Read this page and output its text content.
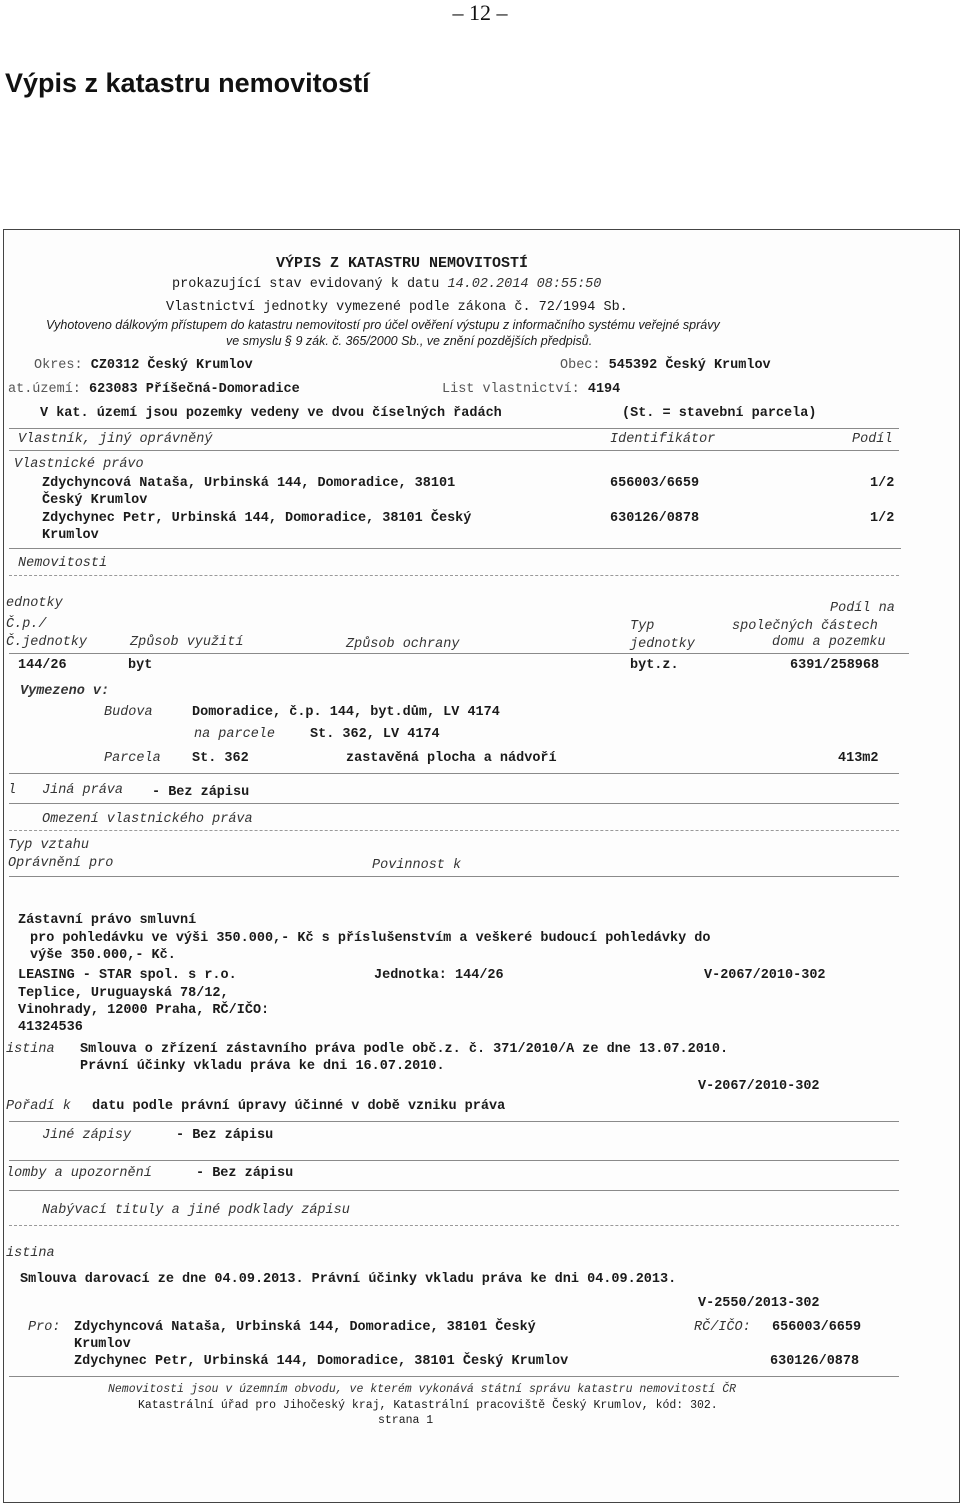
– 12 –
Výpis z katastru nemovitostí
VÝPIS Z KATASTRU NEMOVITOSTÍ
prokazující stav evidovaný k datu 14.02.2014 08:55:50
Vlastnictví jednotky vymezené podle zákona č. 72/1994 Sb.
Vyhotoveno dálkovým přístupem do katastru nemovitostí pro účel ověření výstupu z informačního systému veřejné správy
ve smyslu § 9 zák. č. 365/2000 Sb., ve znění pozdějších předpisů.
Okres: CZ0312 Český Krumlov	Obec: 545392 Český Krumlov
at.území: 623083 Příšečná-Domoradice	List vlastnictví: 4194
V kat. území jsou pozemky vedeny ve dvou číselných řadách	(St. = stavební parcela)
Vlastník, jiný oprávněný	Identifikátor	Podíl
Vlastnické právo
Zdychyncová Nataša, Urbinská 144, Domoradice, 38101
Český Krumlov
656003/6659	1/2
Zdychynec Petr, Urbinská 144, Domoradice, 38101 Český
Krumlov
630126/0878	1/2
Nemovitosti
ednotky
Č.p./
Č.jednotky	Způsob využití	Způsob ochrany
Typ
jednotky
Podíl na
společných částech
domu a pozemku
144/26	byt	byt.z.	6391/258968
Vymezeno v:
Budova	Domoradice, č.p. 144, byt.dům, LV 4174
na parcele	St. 362, LV 4174
Parcela St. 362	zastavěná plocha a nádvoří	413m2
l Jiná práva - Bez zápisu
Omezení vlastnického práva
Typ vztahu
Oprávnění pro	Povinnost k
Zástavní právo smluvní
pro pohledávku ve výši 350.000,- Kč s příslušenstvím a veškeré budoucí pohledávky do
výše 350.000,- Kč.
LEASING - STAR spol. s r.o.	Jednotka: 144/26	V-2067/2010-302
Teplice, Uruguayská 78/12,
Vinohrady, 12000 Praha, RČ/IČO:
41324536
istina Smlouva o zřízení zástavního práva podle obč.z. č. 371/2010/A ze dne 13.07.2010.
Právní účinky vkladu práva ke dni 16.07.2010.
V-2067/2010-302
Pořadí k datu podle právní úpravy účinné v době vzniku práva
Jiné zápisy	- Bez zápisu
lomby a upozornění	- Bez zápisu
Nabývací tituly a jiné podklady zápisu
istina
Smlouva darovací ze dne 04.09.2013. Právní účinky vkladu práva ke dni 04.09.2013.
V-2550/2013-302
Pro: Zdychyncová Nataša, Urbinská 144, Domoradice, 38101 Český
Krumlov
RČ/IČO: 656003/6659
Zdychynec Petr, Urbinská 144, Domoradice, 38101 Český Krumlov	630126/0878
Nemovitosti jsou v územním obvodu, ve kterém vykonává státní správu katastru nemovitostí ČR
Katastrální úřad pro Jihočeský kraj, Katastrální pracoviště Český Krumlov, kód: 302.
strana 1
